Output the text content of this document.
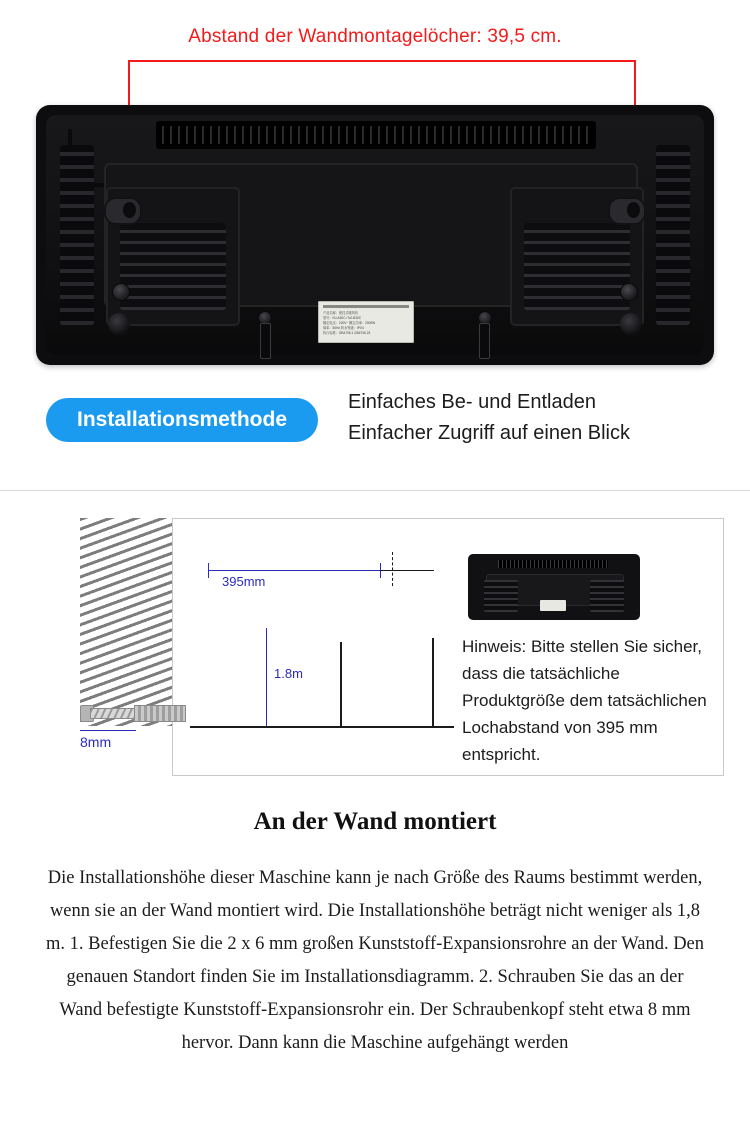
Abstand der Wandmontagelöcher: 39,5 cm.
产品名称：壁挂式暖风机
型号：NJ-A30C / NJ-B30C
额定电压：220V~ 额定功率：2000W
频率：50Hz 防水等级：IPX4
执行标准：GB4706.1 GB4706.23
Installationsmethode
Einfaches Be- und Entladen
Einfacher Zugriff auf einen Blick
395mm
1.8m
Hinweis: Bitte stellen Sie sicher, dass die tatsächliche Produktgröße dem tatsächlichen Lochabstand von 395 mm entspricht.
8mm
An der Wand montiert
Die Installationshöhe dieser Maschine kann je nach Größe des Raums bestimmt werden, wenn sie an der Wand montiert wird. Die Installationshöhe beträgt nicht weniger als 1,8 m. 1. Befestigen Sie die 2 x 6 mm großen Kunststoff-Expansionsrohre an der Wand. Den genauen Standort finden Sie im Installationsdiagramm. 2. Schrauben Sie das an der Wand befestigte Kunststoff-Expansionsrohr ein. Der Schraubenkopf steht etwa 8 mm hervor. Dann kann die Maschine aufgehängt werden
